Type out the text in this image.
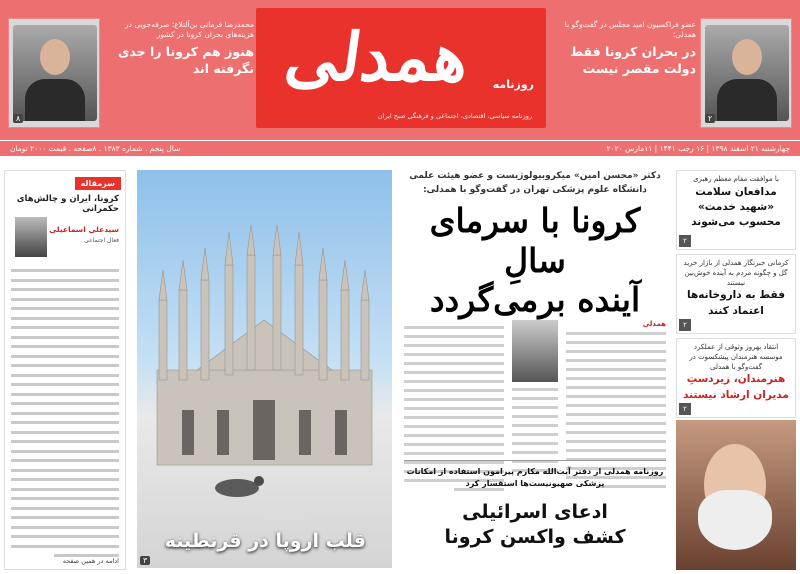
۸
محمدرضا فرمانی بن‌آلتلاع؛ صرفه‌جویی در هزینه‌های بحران کرونا در کشور
هنوز هم کرونا را جدی نگرفته اند همدلی روزنامه
روزنامه سیاسی، اقتصادی، اجتماعی و فرهنگی صبح ایران
عضو فراکسیون امید مجلس در گفت‌وگو با همدلی؛
در بحران کرونا فقط دولت مقصر نیست
۲
چهارشنبه ۲۱ اسفند ۱۳۹۸ | ۱۶ رجب ۱۴۴۱ | ۱۱مارس ۲۰۲۰
سال پنجم . شماره ۱۳۸۳ . ۸صفحه . قیمت ۲۰۰۰ تومان
سرمقاله
کرونا، ایران و چالش‌های حکمرانی
سیدعلی اسماعیلی
فعال اجتماعی
ادامه در همین صفحه
ایتالیا، میلان
قلب اروپا در قرنطینه
۳
دکتر «محسن امین» میکروبیولوژیست و عضو هیئت علمی دانشگاه علوم پزشکی تهران در گفت‌وگو با همدلی:
کرونا با سرمای سالِ
آینده برمی‌گردد
همدلی
روزنامه همدلی از دفتر آیت‌الله مکارم پیرامون استفاده از امکانات پزشکی صهیونیست‌ها استفسار کرد
ادعای اسرائیلی
کشف واکسن کرونا
با موافقت مقام معظم رهبری
مدافعان سلامت «شهید خدمت» محسوب می‌شوند
۲
کرمانی خبرنگار همدلی از بازار خرید گل و چگونه مردم به آینده خوش‌بین نیستند
فقط به داروخانه‌ها اعتماد کنند
۲
انتقاد بهروز وثوقی از عملکرد موسسه هنرمندان پیشکسوت در گفت‌وگو با همدلی
هنرمندان، زیردستِ مدیران ارشاد نیستند
۲
